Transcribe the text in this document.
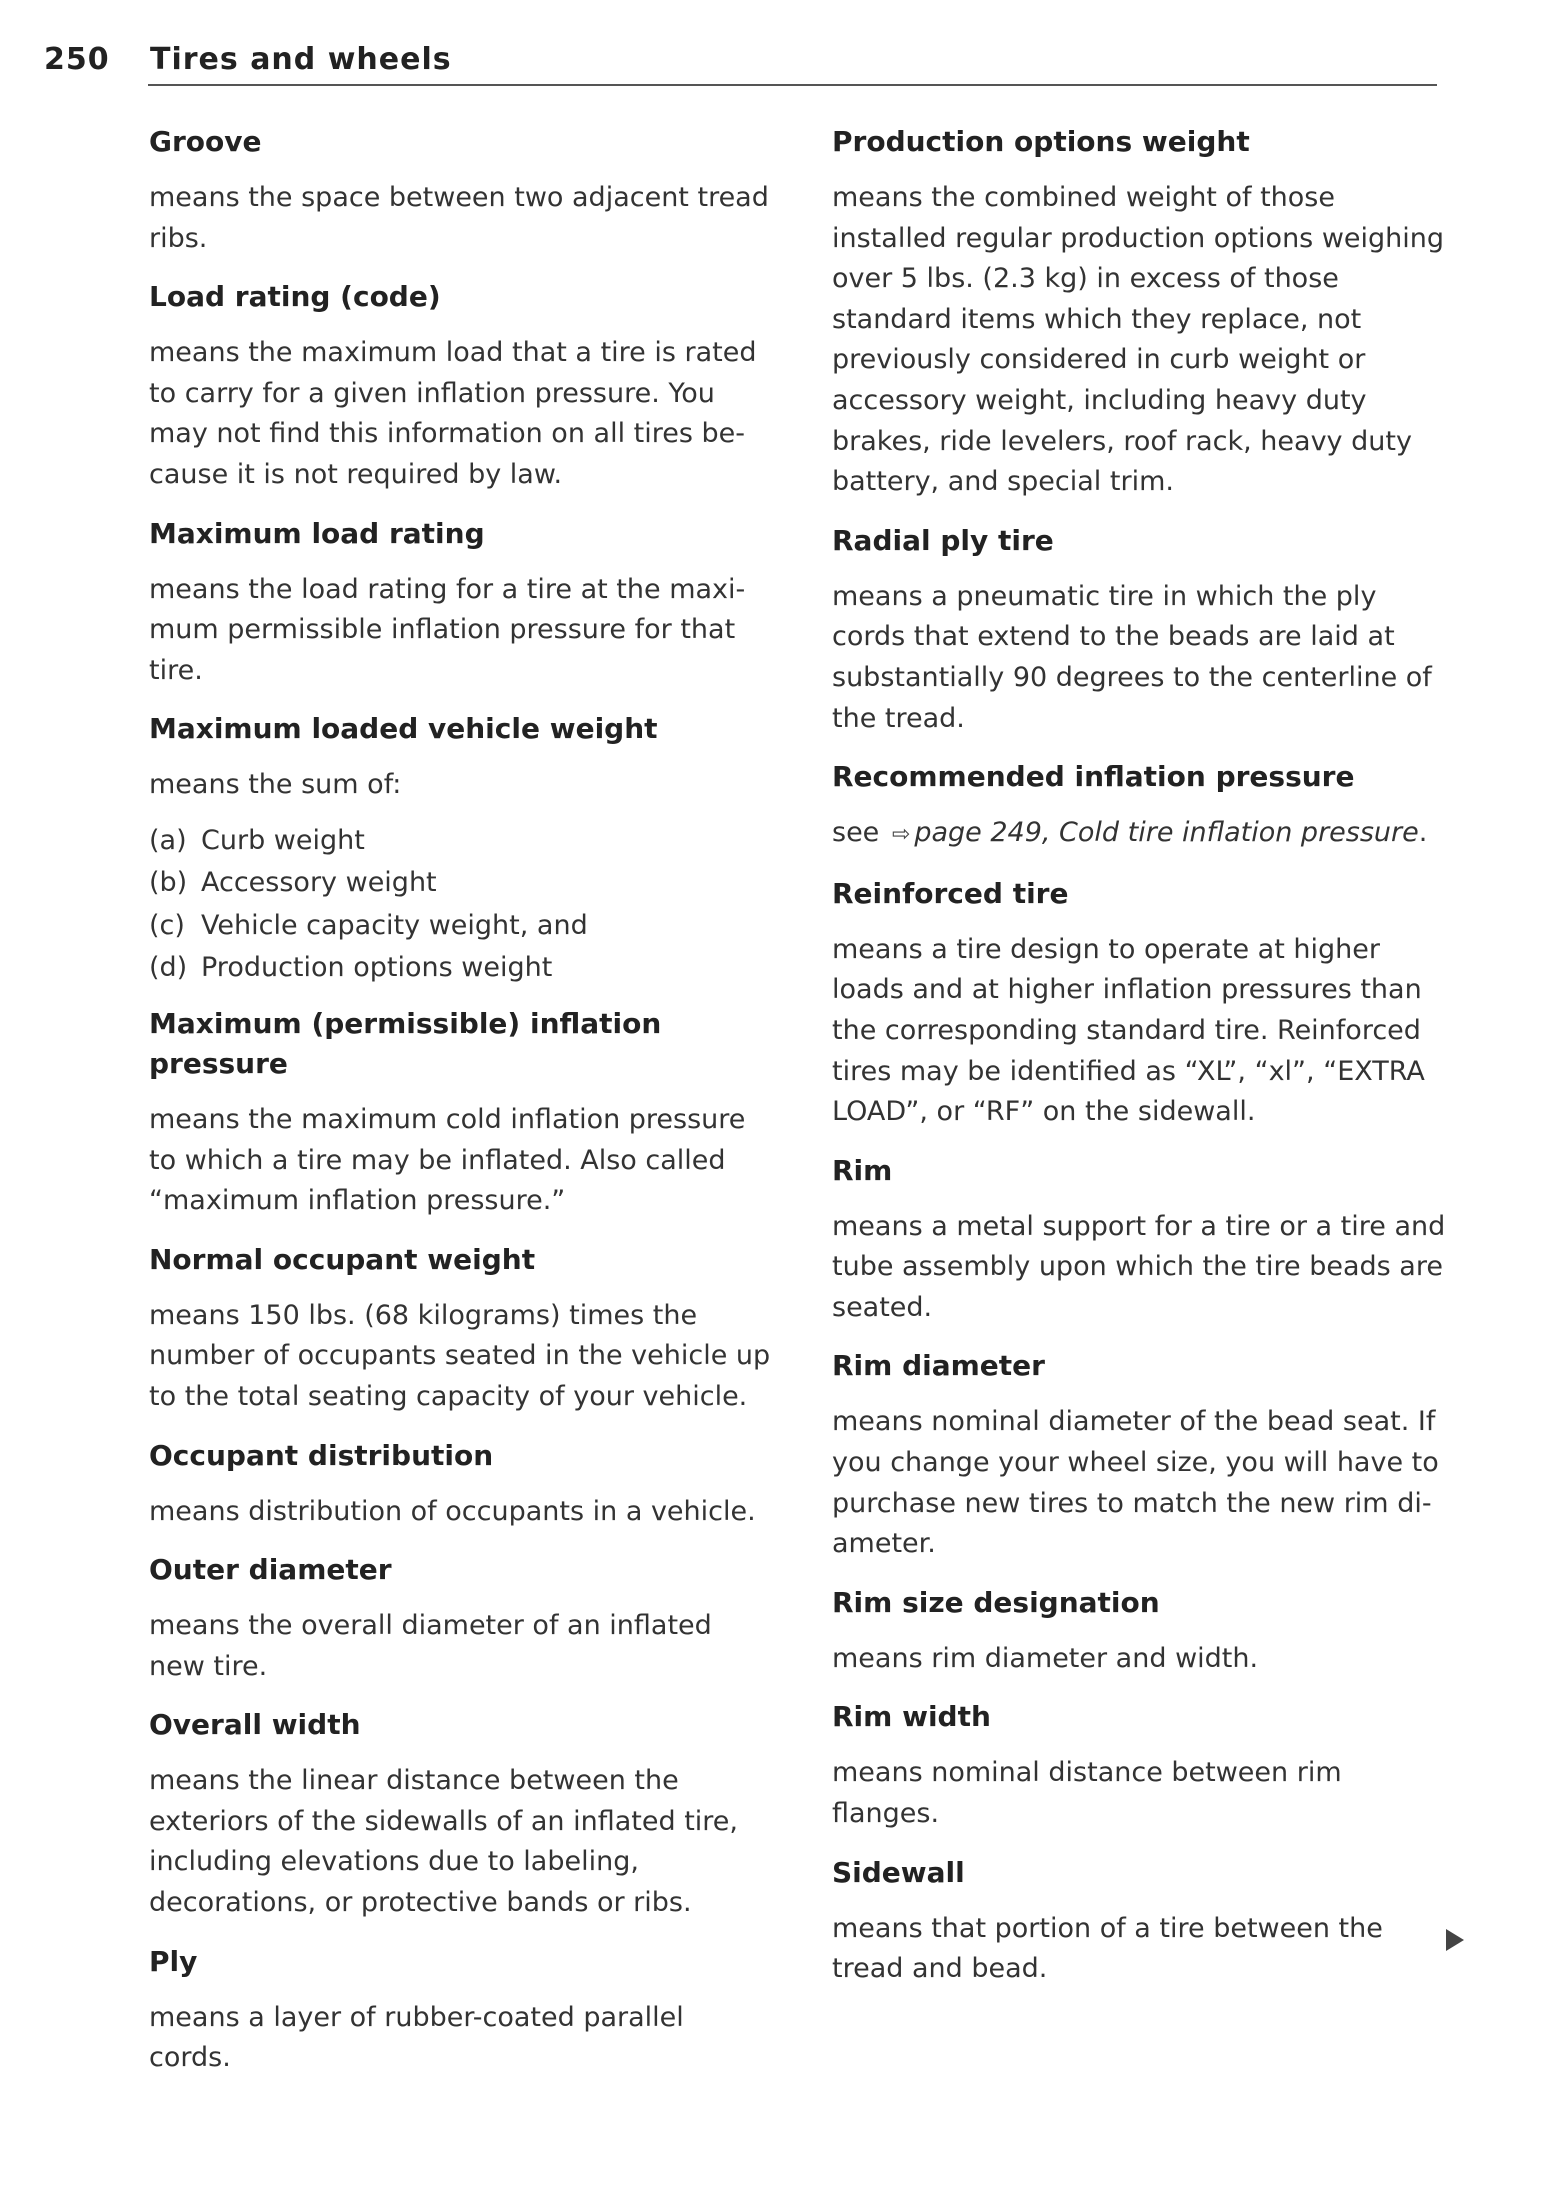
250 Tires and wheels

Groove

means the space between two adjacent tread ribs.

Load rating (code)

means the maximum load that a tire is rated to carry for a given inflation pressure. You may not find this information on all tires because it is not required by law.

Maximum load rating

means the load rating for a tire at the maximum permissible inflation pressure for that tire.

Maximum loaded vehicle weight

means the sum of:

(a) Curb weight
(b) Accessory weight
(c) Vehicle capacity weight, and
(d) Production options weight

Maximum (permissible) inflation pressure

means the maximum cold inflation pressure to which a tire may be inflated. Also called “maximum inflation pressure.”

Normal occupant weight

means 150 lbs. (68 kilograms) times the number of occupants seated in the vehicle up to the total seating capacity of your vehicle.

Occupant distribution

means distribution of occupants in a vehicle.

Outer diameter

means the overall diameter of an inflated new tire.

Overall width

means the linear distance between the exteriors of the sidewalls of an inflated tire, including elevations due to labeling, decorations, or protective bands or ribs.

Ply

means a layer of rubber-coated parallel cords.

Production options weight

means the combined weight of those installed regular production options weighing over 5 lbs. (2.3 kg) in excess of those standard items which they replace, not previously considered in curb weight or accessory weight, including heavy duty brakes, ride levelers, roof rack, heavy duty battery, and special trim.

Radial ply tire

means a pneumatic tire in which the ply cords that extend to the beads are laid at substantially 90 degrees to the centerline of the tread.

Recommended inflation pressure

see ⇨ page 249, Cold tire inflation pressure.

Reinforced tire

means a tire design to operate at higher loads and at higher inflation pressures than the corresponding standard tire. Reinforced tires may be identified as “XL”, “xl”, “EXTRA LOAD”, or “RF” on the sidewall.

Rim

means a metal support for a tire or a tire and tube assembly upon which the tire beads are seated.

Rim diameter

means nominal diameter of the bead seat. If you change your wheel size, you will have to purchase new tires to match the new rim diameter.

Rim size designation

means rim diameter and width.

Rim width

means nominal distance between rim flanges.

Sidewall

means that portion of a tire between the tread and bead.
